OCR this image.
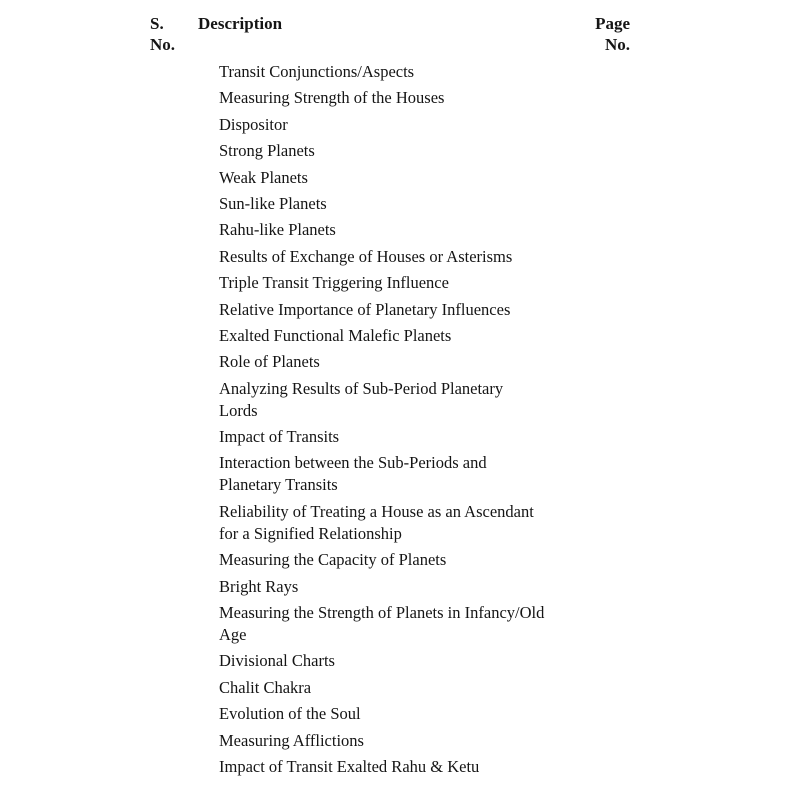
S.
No.
Description	Page
No.
Transit Conjunctions/Aspects
Measuring Strength of the Houses
Dispositor
Strong Planets
Weak Planets
Sun-like Planets
Rahu-like Planets
Results of Exchange of Houses or Asterisms
Triple Transit Triggering Influence
Relative Importance of Planetary Influences
Exalted Functional Malefic Planets
Role of Planets
Analyzing Results of Sub-Period Planetary
Lords
Impact of Transits
Interaction between the Sub-Periods and
Planetary Transits
Reliability of Treating a House as an Ascendant
for a Signified Relationship
Measuring the Capacity of Planets
Bright Rays
Measuring the Strength of Planets in Infancy/Old
Age
Divisional Charts
Chalit Chakra
Evolution of the Soul
Measuring Afflictions
Impact of Transit Exalted Rahu & Ketu
